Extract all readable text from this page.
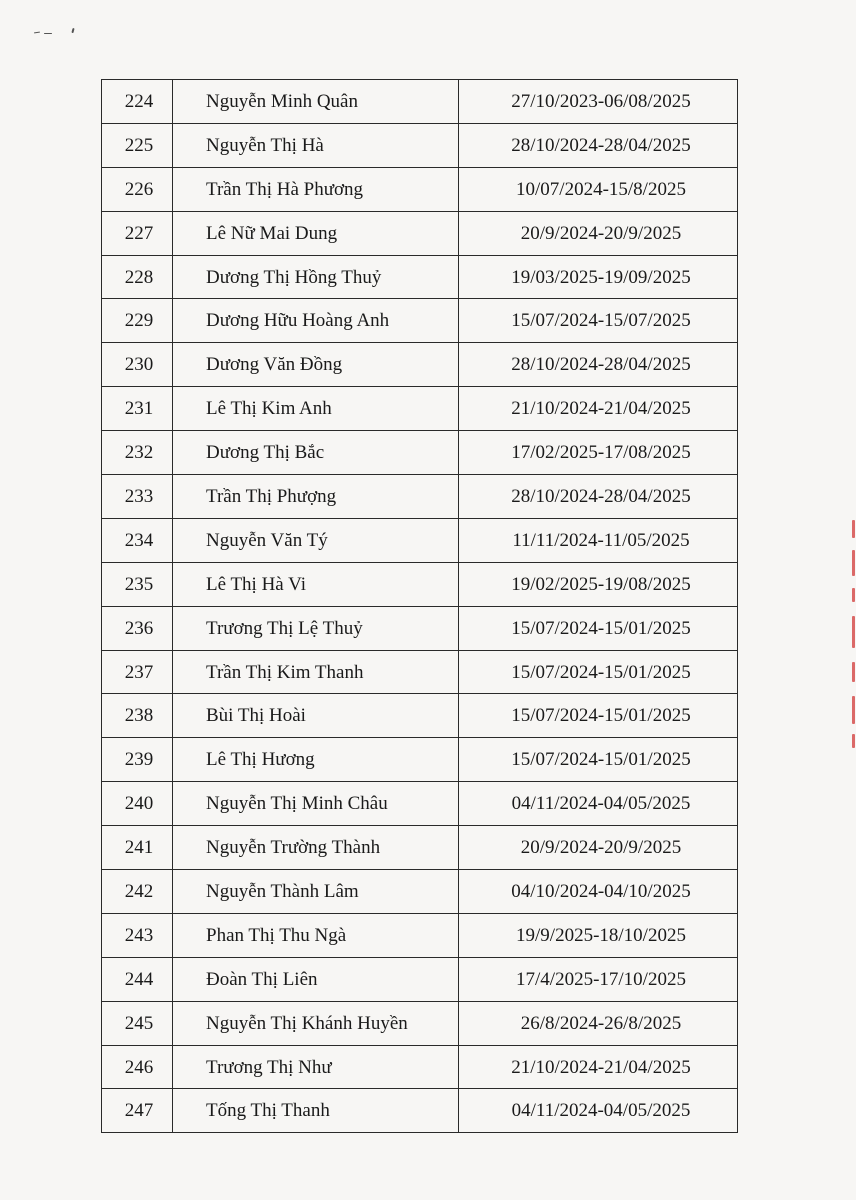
224	Nguyễn Minh Quân	27/10/2023-06/08/2025
225	Nguyễn Thị Hà	28/10/2024-28/04/2025
226	Trần Thị Hà Phương	10/07/2024-15/8/2025
227	Lê Nữ Mai Dung	20/9/2024-20/9/2025
228	Dương Thị Hồng Thuỷ	19/03/2025-19/09/2025
229	Dương Hữu Hoàng Anh	15/07/2024-15/07/2025
230	Dương Văn Đồng	28/10/2024-28/04/2025
231	Lê Thị Kim Anh	21/10/2024-21/04/2025
232	Dương Thị Bắc	17/02/2025-17/08/2025
233	Trần Thị Phượng	28/10/2024-28/04/2025
234	Nguyễn Văn Tý	11/11/2024-11/05/2025
235	Lê Thị Hà Vi	19/02/2025-19/08/2025
236	Trương Thị Lệ Thuỷ	15/07/2024-15/01/2025
237	Trần Thị Kim Thanh	15/07/2024-15/01/2025
238	Bùi Thị Hoài	15/07/2024-15/01/2025
239	Lê Thị Hương	15/07/2024-15/01/2025
240	Nguyễn Thị Minh Châu	04/11/2024-04/05/2025
241	Nguyễn Trường Thành	20/9/2024-20/9/2025
242	Nguyễn Thành Lâm	04/10/2024-04/10/2025
243	Phan Thị Thu Ngà	19/9/2025-18/10/2025
244	Đoàn Thị Liên	17/4/2025-17/10/2025
245	Nguyễn Thị Khánh Huyền	26/8/2024-26/8/2025
246	Trương Thị Như	21/10/2024-21/04/2025
247	Tống Thị Thanh	04/11/2024-04/05/2025
